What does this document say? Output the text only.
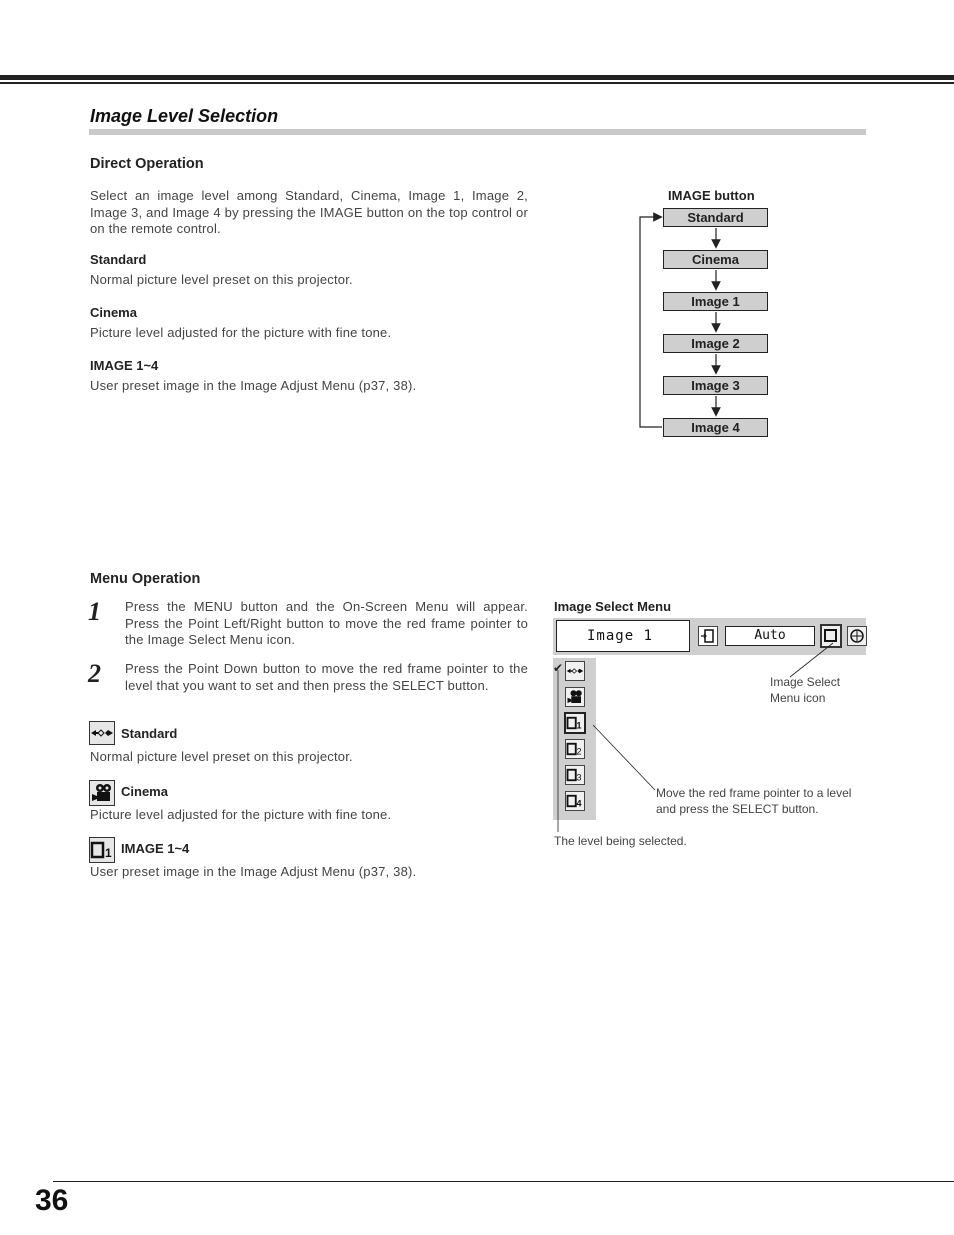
Image Level Selection
Direct Operation
Select an image level among Standard, Cinema, Image 1, Image 2, Image 3, and Image 4 by pressing the IMAGE button on the top control or on the remote control.
Standard
Normal picture level preset on this projector.
Cinema
Picture level adjusted for the picture with fine tone.
IMAGE 1~4
User preset image in the Image Adjust Menu (p37, 38).
IMAGE button
Standard
Cinema
Image 1
Image 2
Image 3
Image 4
Menu Operation
1 Press the MENU button and the On-Screen Menu will appear. Press the Point Left/Right button to move the red frame pointer to the Image Select Menu icon.
2 Press the Point Down button to move the red frame pointer to the level that you want to set and then press the SELECT button.
Standard
Normal picture level preset on this projector.
Cinema
Picture level adjusted for the picture with fine tone.
1 IMAGE 1~4
User preset image in the Image Adjust Menu (p37, 38).
Image Select Menu
Image 1	Auto
✔
1
2
3
4
Image Select
Menu icon
Move the red frame pointer to a level
and press the SELECT button.
The level being selected.
36
